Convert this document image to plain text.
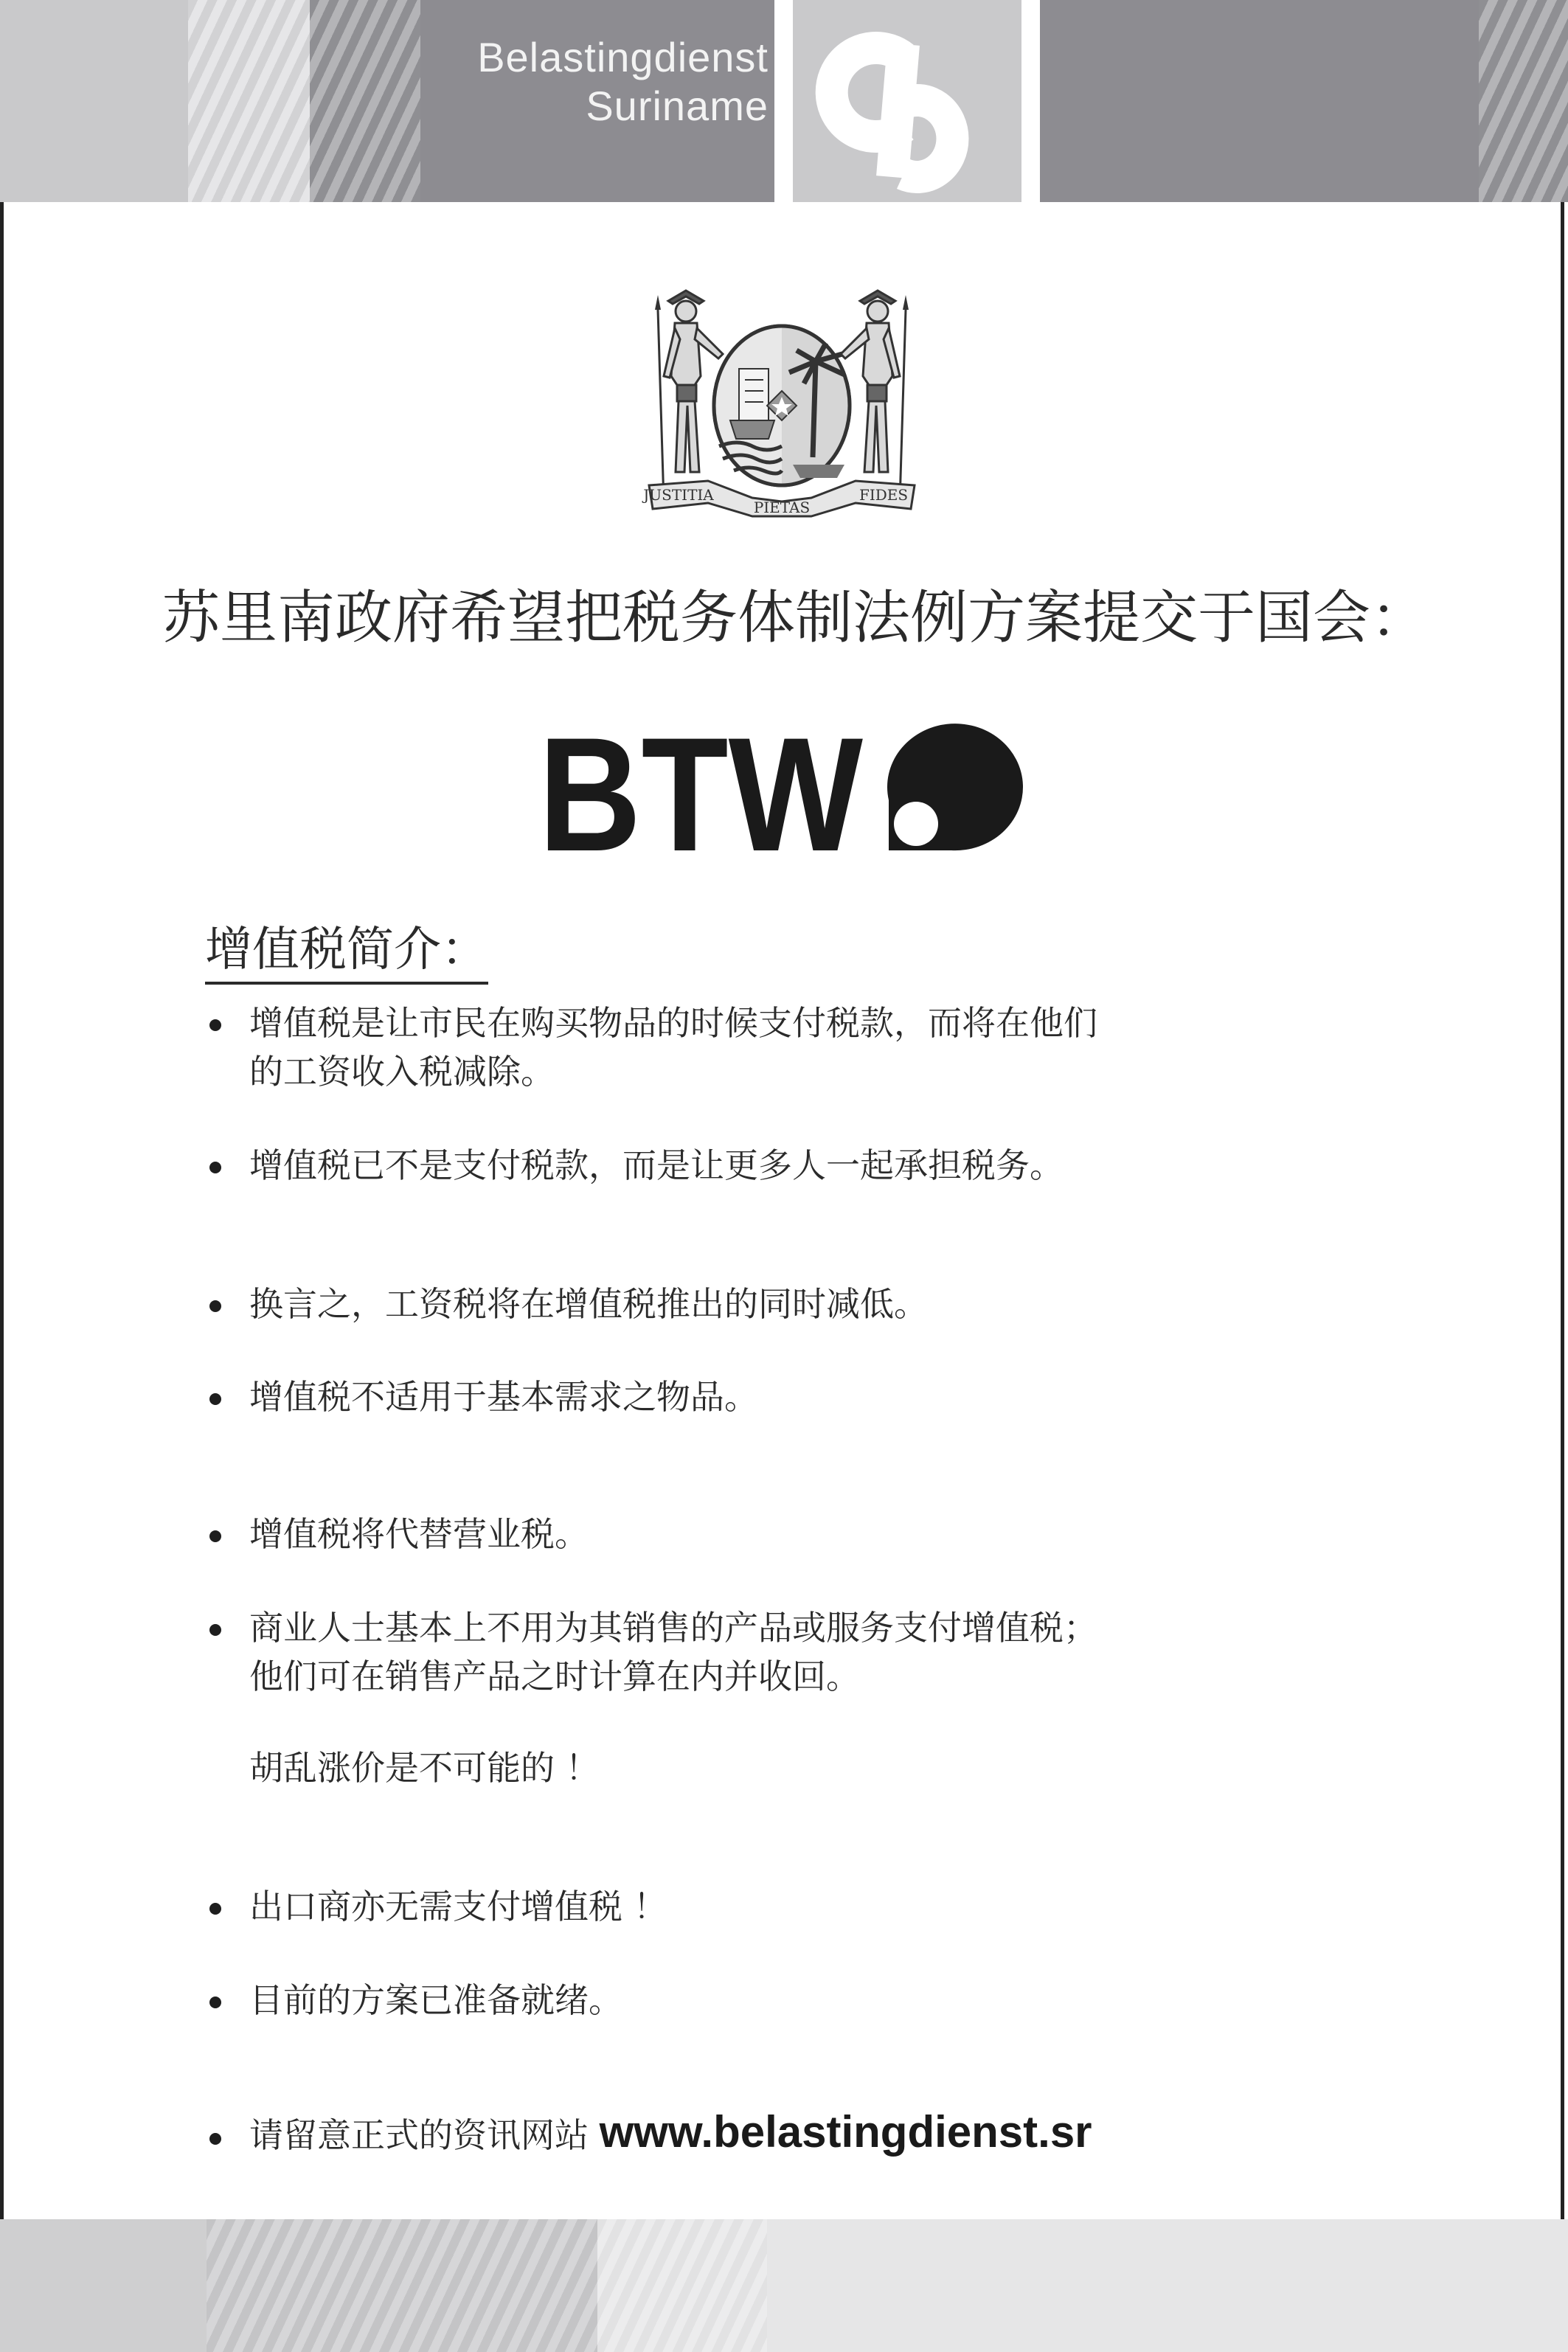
Belastingdienst
Suriname
JUSTITIA
PIETAS
FIDES
苏里南政府希望把税务体制法例方案提交于国会：
BTW
增值税简介：
增值税是让市民在购买物品的时候支付税款，而将在他们
的工资收入税减除。
增值税已不是支付税款，而是让更多人一起承担税务。
换言之，工资税将在增值税推出的同时减低。
增值税不适用于基本需求之物品。
增值税将代替营业税。
商业人士基本上不用为其销售的产品或服务支付增值税；
他们可在销售产品之时计算在内并收回。
胡乱涨价是不可能的 ！
出口商亦无需支付增值税 ！
目前的方案已准备就绪。
请留意正式的资讯网站 www.belastingdienst.sr
